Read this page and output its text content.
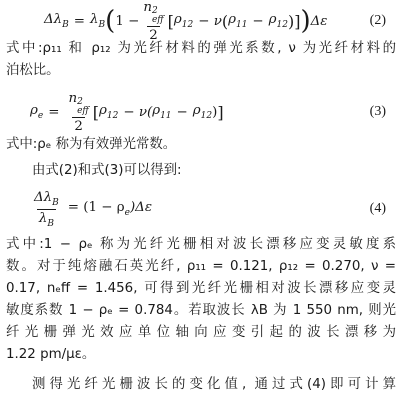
$\Delta\lambda_B = \lambda_B$ ( 1 − n 2
eff
2 [ $\rho_{12} - \nu$ ( $\rho_{11} - \rho_{12}$ ) ] ) Δε	(2)
式中:ρ₁₁ 和 ρ₁₂ 为光纤材料的弹光系数, ν 为光纤材料的
泊松比。
$\rho_e = n$ 2
eff
2 [ $\rho_{12} - \nu$( $\rho_{11} - \rho_{12}$ ) ]	(3)
式中:ρₑ 称为有效弹光常数。
由式(2)和式(3)可以得到:
$\frac{\Delta\lambda_B}{\lambda_B} = (1 - \rho_e)\Delta\varepsilon$	(4)
式中:1 − ρₑ 称为光纤光栅相对波长漂移应变灵敏度系
数。对于纯熔融石英光纤, ρ₁₁ = 0.121, ρ₁₂ = 0.270, ν =
0.17, nₑff = 1.456, 可得到光纤光栅相对波长漂移应变灵
敏度系数 1 − ρₑ = 0.784。若取波长 λB 为 1 550 nm, 则光
纤光栅弹光效应单位轴向应变引起的波长漂移为
1.22 pm/με。
测得光纤光栅波长的变化值, 通过式(4)即可计算
